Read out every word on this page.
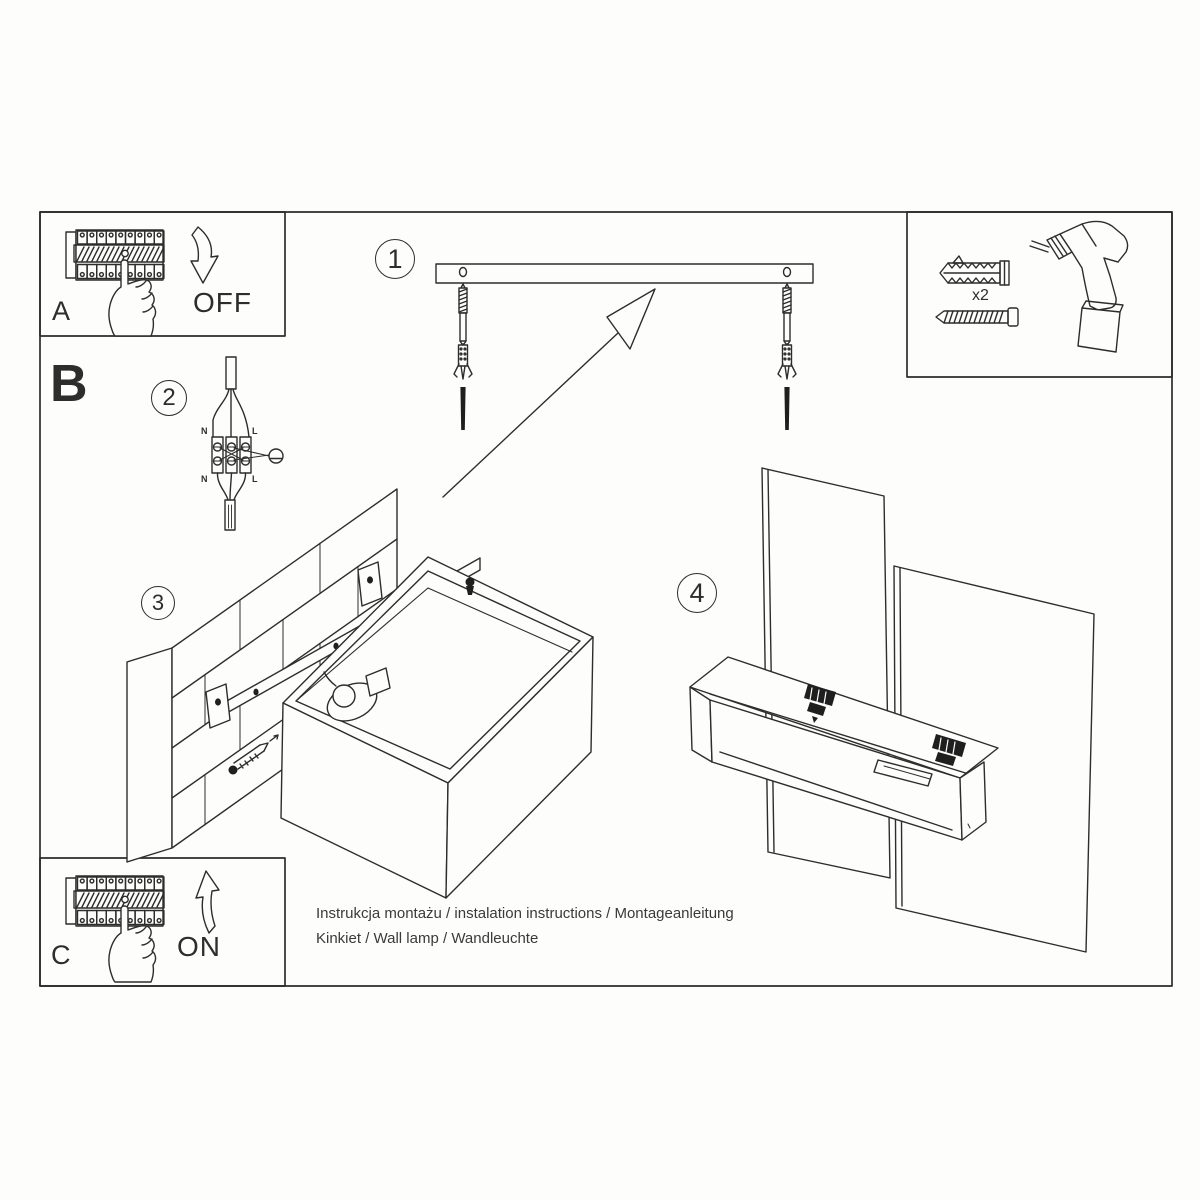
A	OFF
B
C	ON
x2
1
2
3	4
N	L
N	L
Instrukcja montażu / instalation instructions / Montageanleitung
Kinkiet / Wall lamp / Wandleuchte
